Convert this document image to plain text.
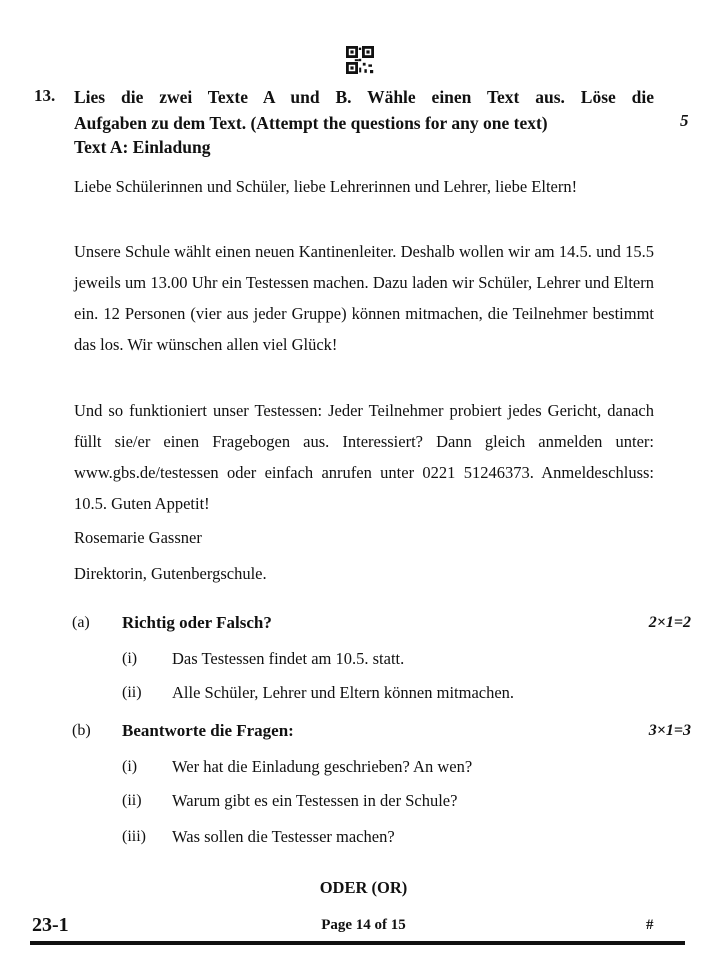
13. Lies die zwei Texte A und B. Wähle einen Text aus. Löse die
Aufgaben zu dem Text. (Attempt the questions for any one text)	5
Text A: Einladung
Liebe Schülerinnen und Schüler, liebe Lehrerinnen und Lehrer, liebe Eltern!
Unsere Schule wählt einen neuen Kantinenleiter. Deshalb wollen wir am 14.5. und 15.5 jeweils um 13.00 Uhr ein Testessen machen. Dazu laden wir Schüler, Lehrer und Eltern ein. 12 Personen (vier aus jeder Gruppe) können mitmachen, die Teilnehmer bestimmt das los. Wir wünschen allen viel Glück!
Und so funktioniert unser Testessen: Jeder Teilnehmer probiert jedes Gericht, danach füllt sie/er einen Fragebogen aus. Interessiert? Dann gleich anmelden unter: www.gbs.de/testessen oder einfach anrufen unter 0221 51246373. Anmeldeschluss: 10.5. Guten Appetit!
Rosemarie Gassner
Direktorin, Gutenbergschule.
(a) Richtig oder Falsch?	2×1=2
(i) Das Testessen findet am 10.5. statt.
(ii) Alle Schüler, Lehrer und Eltern können mitmachen.
(b) Beantworte die Fragen:	3×1=3
(i) Wer hat die Einladung geschrieben? An wen?
(ii) Warum gibt es ein Testessen in der Schule?
(iii) Was sollen die Testesser machen?
ODER (OR)
23-1	Page 14 of 15	#
